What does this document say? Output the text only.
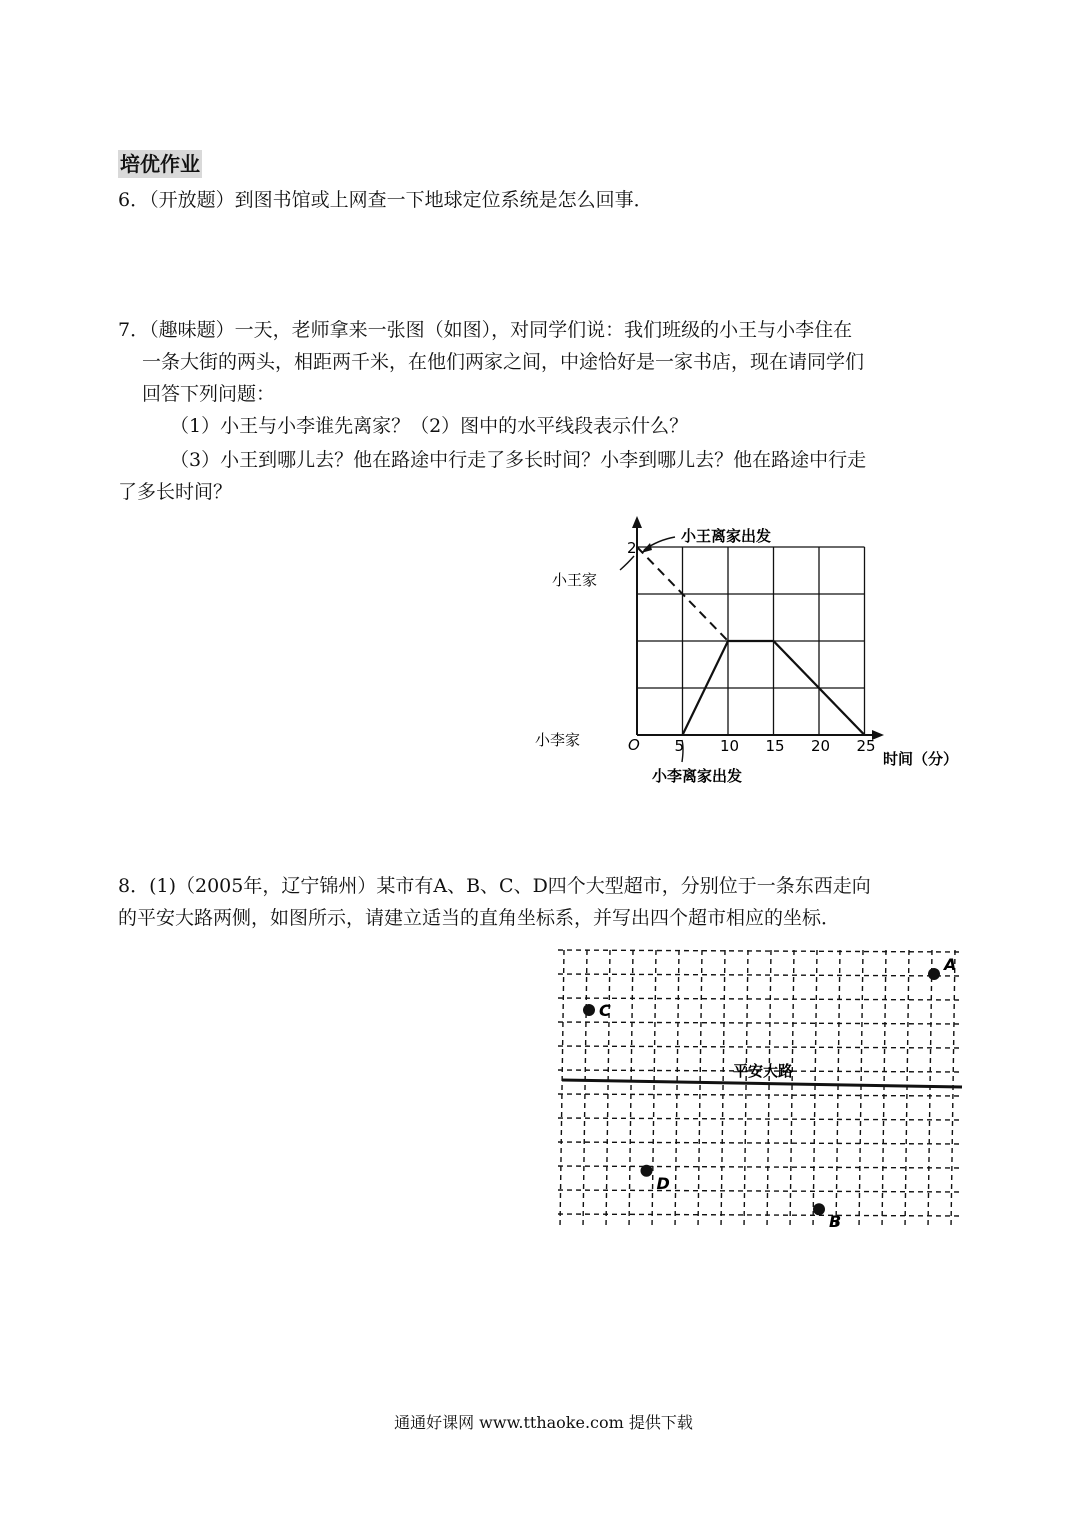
培优作业
6．（开放题）到图书馆或上网查一下地球定位系统是怎么回事．
7．（趣味题）一天，老师拿来一张图（如图），对同学们说：我们班级的小王与小李住在
一条大街的两头，相距两千米，在他们两家之间，中途恰好是一家书店，现在请同学们
回答下列问题：
（1）小王与小李谁先离家？（2）图中的水平线段表示什么？
（3）小王到哪儿去？他在路途中行走了多长时间？小李到哪儿去？他在路途中行走
了多长时间？
2
O 5 10 15 20 25
时间（分）
小王家
小李家
小王离家出发
小李离家出发
8．(1)（2005年，辽宁锦州）某市有A、B、C、D四个大型超市，分别位于一条东西走向
的平安大路两侧，如图所示，请建立适当的直角坐标系，并写出四个超市相应的坐标．
平安大路
A
C
D
B
通通好课网 www.tthaoke.com 提供下载
